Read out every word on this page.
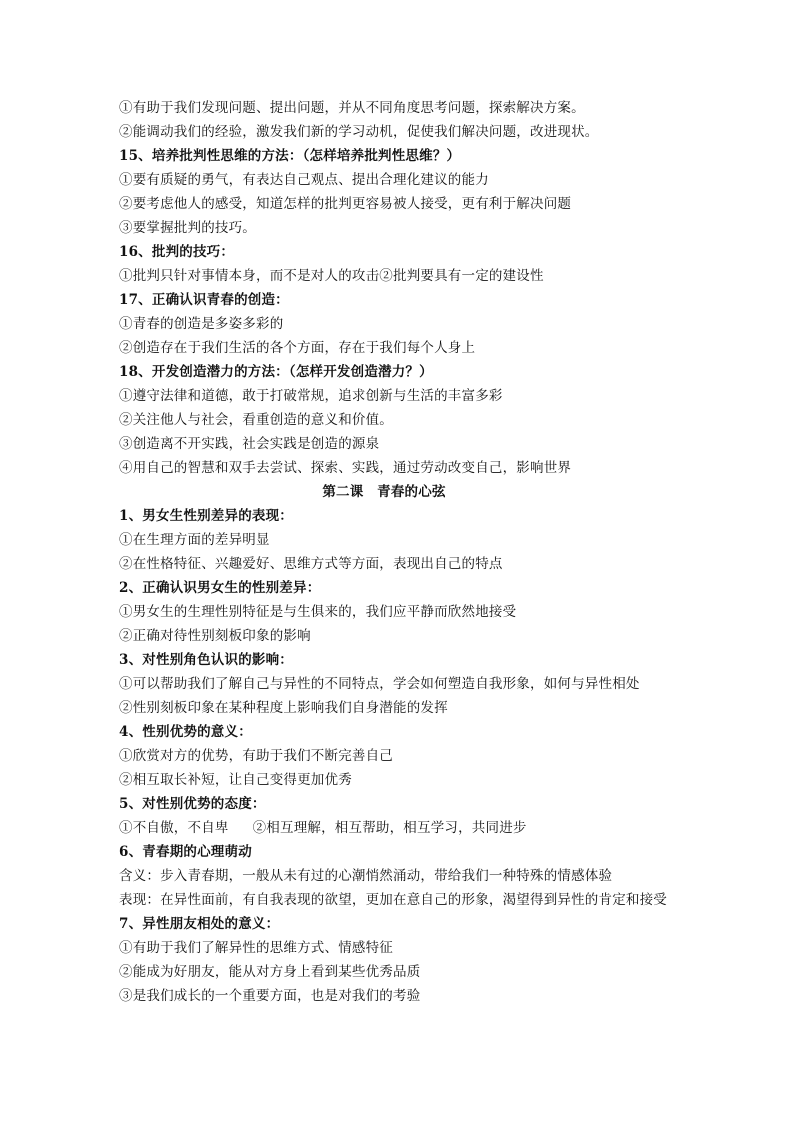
①有助于我们发现问题、提出问题，并从不同角度思考问题，探索解决方案。
②能调动我们的经验，激发我们新的学习动机，促使我们解决问题，改进现状。
15、培养批判性思维的方法：（怎样培养批判性思维？）
①要有质疑的勇气，有表达自己观点、提出合理化建议的能力
②要考虑他人的感受，知道怎样的批判更容易被人接受，更有利于解决问题
③要掌握批判的技巧。
16、批判的技巧：
①批判只针对事情本身，而不是对人的攻击②批判要具有一定的建设性
17、正确认识青春的创造：
①青春的创造是多姿多彩的
②创造存在于我们生活的各个方面，存在于我们每个人身上
18、开发创造潜力的方法：（怎样开发创造潜力？）
①遵守法律和道德，敢于打破常规，追求创新与生活的丰富多彩
②关注他人与社会，看重创造的意义和价值。
③创造离不开实践，社会实践是创造的源泉
④用自己的智慧和双手去尝试、探索、实践，通过劳动改变自己，影响世界
第二课　青春的心弦
1、男女生性别差异的表现：
①在生理方面的差异明显
②在性格特征、兴趣爱好、思维方式等方面，表现出自己的特点
2、正确认识男女生的性别差异：
①男女生的生理性别特征是与生俱来的，我们应平静而欣然地接受
②正确对待性别刻板印象的影响
3、对性别角色认识的影响：
①可以帮助我们了解自己与异性的不同特点，学会如何塑造自我形象，如何与异性相处
②性别刻板印象在某种程度上影响我们自身潜能的发挥
4、性别优势的意义：
①欣赏对方的优势，有助于我们不断完善自己
②相互取长补短，让自己变得更加优秀
5、对性别优势的态度：
①不自傲，不自卑 ②相互理解，相互帮助，相互学习，共同进步
6、青春期的心理萌动
含义：步入青春期，一般从未有过的心潮悄然涌动，带给我们一种特殊的情感体验
表现：在异性面前，有自我表现的欲望，更加在意自己的形象，渴望得到异性的肯定和接受
7、异性朋友相处的意义：
①有助于我们了解异性的思维方式、情感特征
②能成为好朋友，能从对方身上看到某些优秀品质
③是我们成长的一个重要方面，也是对我们的考验
